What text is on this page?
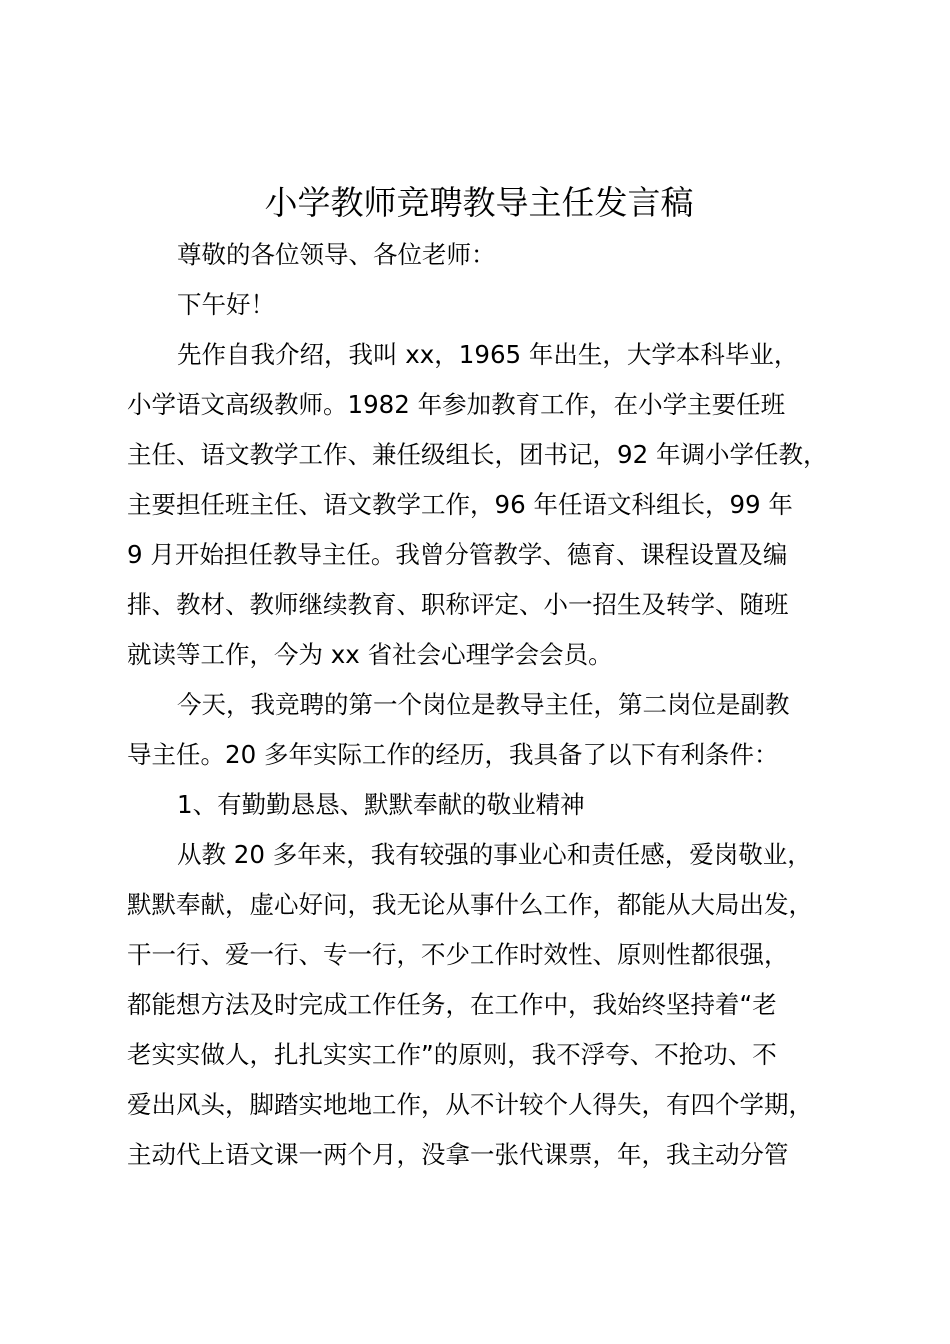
小学教师竞聘教导主任发言稿
尊敬的各位领导、各位老师：
下午好！
先作自我介绍，我叫 xx，1965 年出生，大学本科毕业，
小学语文高级教师。1982 年参加教育工作，在小学主要任班
主任、语文教学工作、兼任级组长，团书记，92 年调小学任教，
主要担任班主任、语文教学工作，96 年任语文科组长，99 年
9 月开始担任教导主任。我曾分管教学、德育、课程设置及编
排、教材、教师继续教育、职称评定、小一招生及转学、随班
就读等工作，今为 xx 省社会心理学会会员。
今天，我竞聘的第一个岗位是教导主任，第二岗位是副教
导主任。20 多年实际工作的经历，我具备了以下有利条件：
1、有勤勤恳恳、默默奉献的敬业精神
从教 20 多年来，我有较强的事业心和责任感，爱岗敬业，
默默奉献，虚心好问，我无论从事什么工作，都能从大局出发，
干一行、爱一行、专一行，不少工作时效性、原则性都很强，
都能想方法及时完成工作任务，在工作中，我始终坚持着“老
老实实做人，扎扎实实工作”的原则，我不浮夸、不抢功、不
爱出风头，脚踏实地地工作，从不计较个人得失，有四个学期，
主动代上语文课一两个月，没拿一张代课票，年，我主动分管
